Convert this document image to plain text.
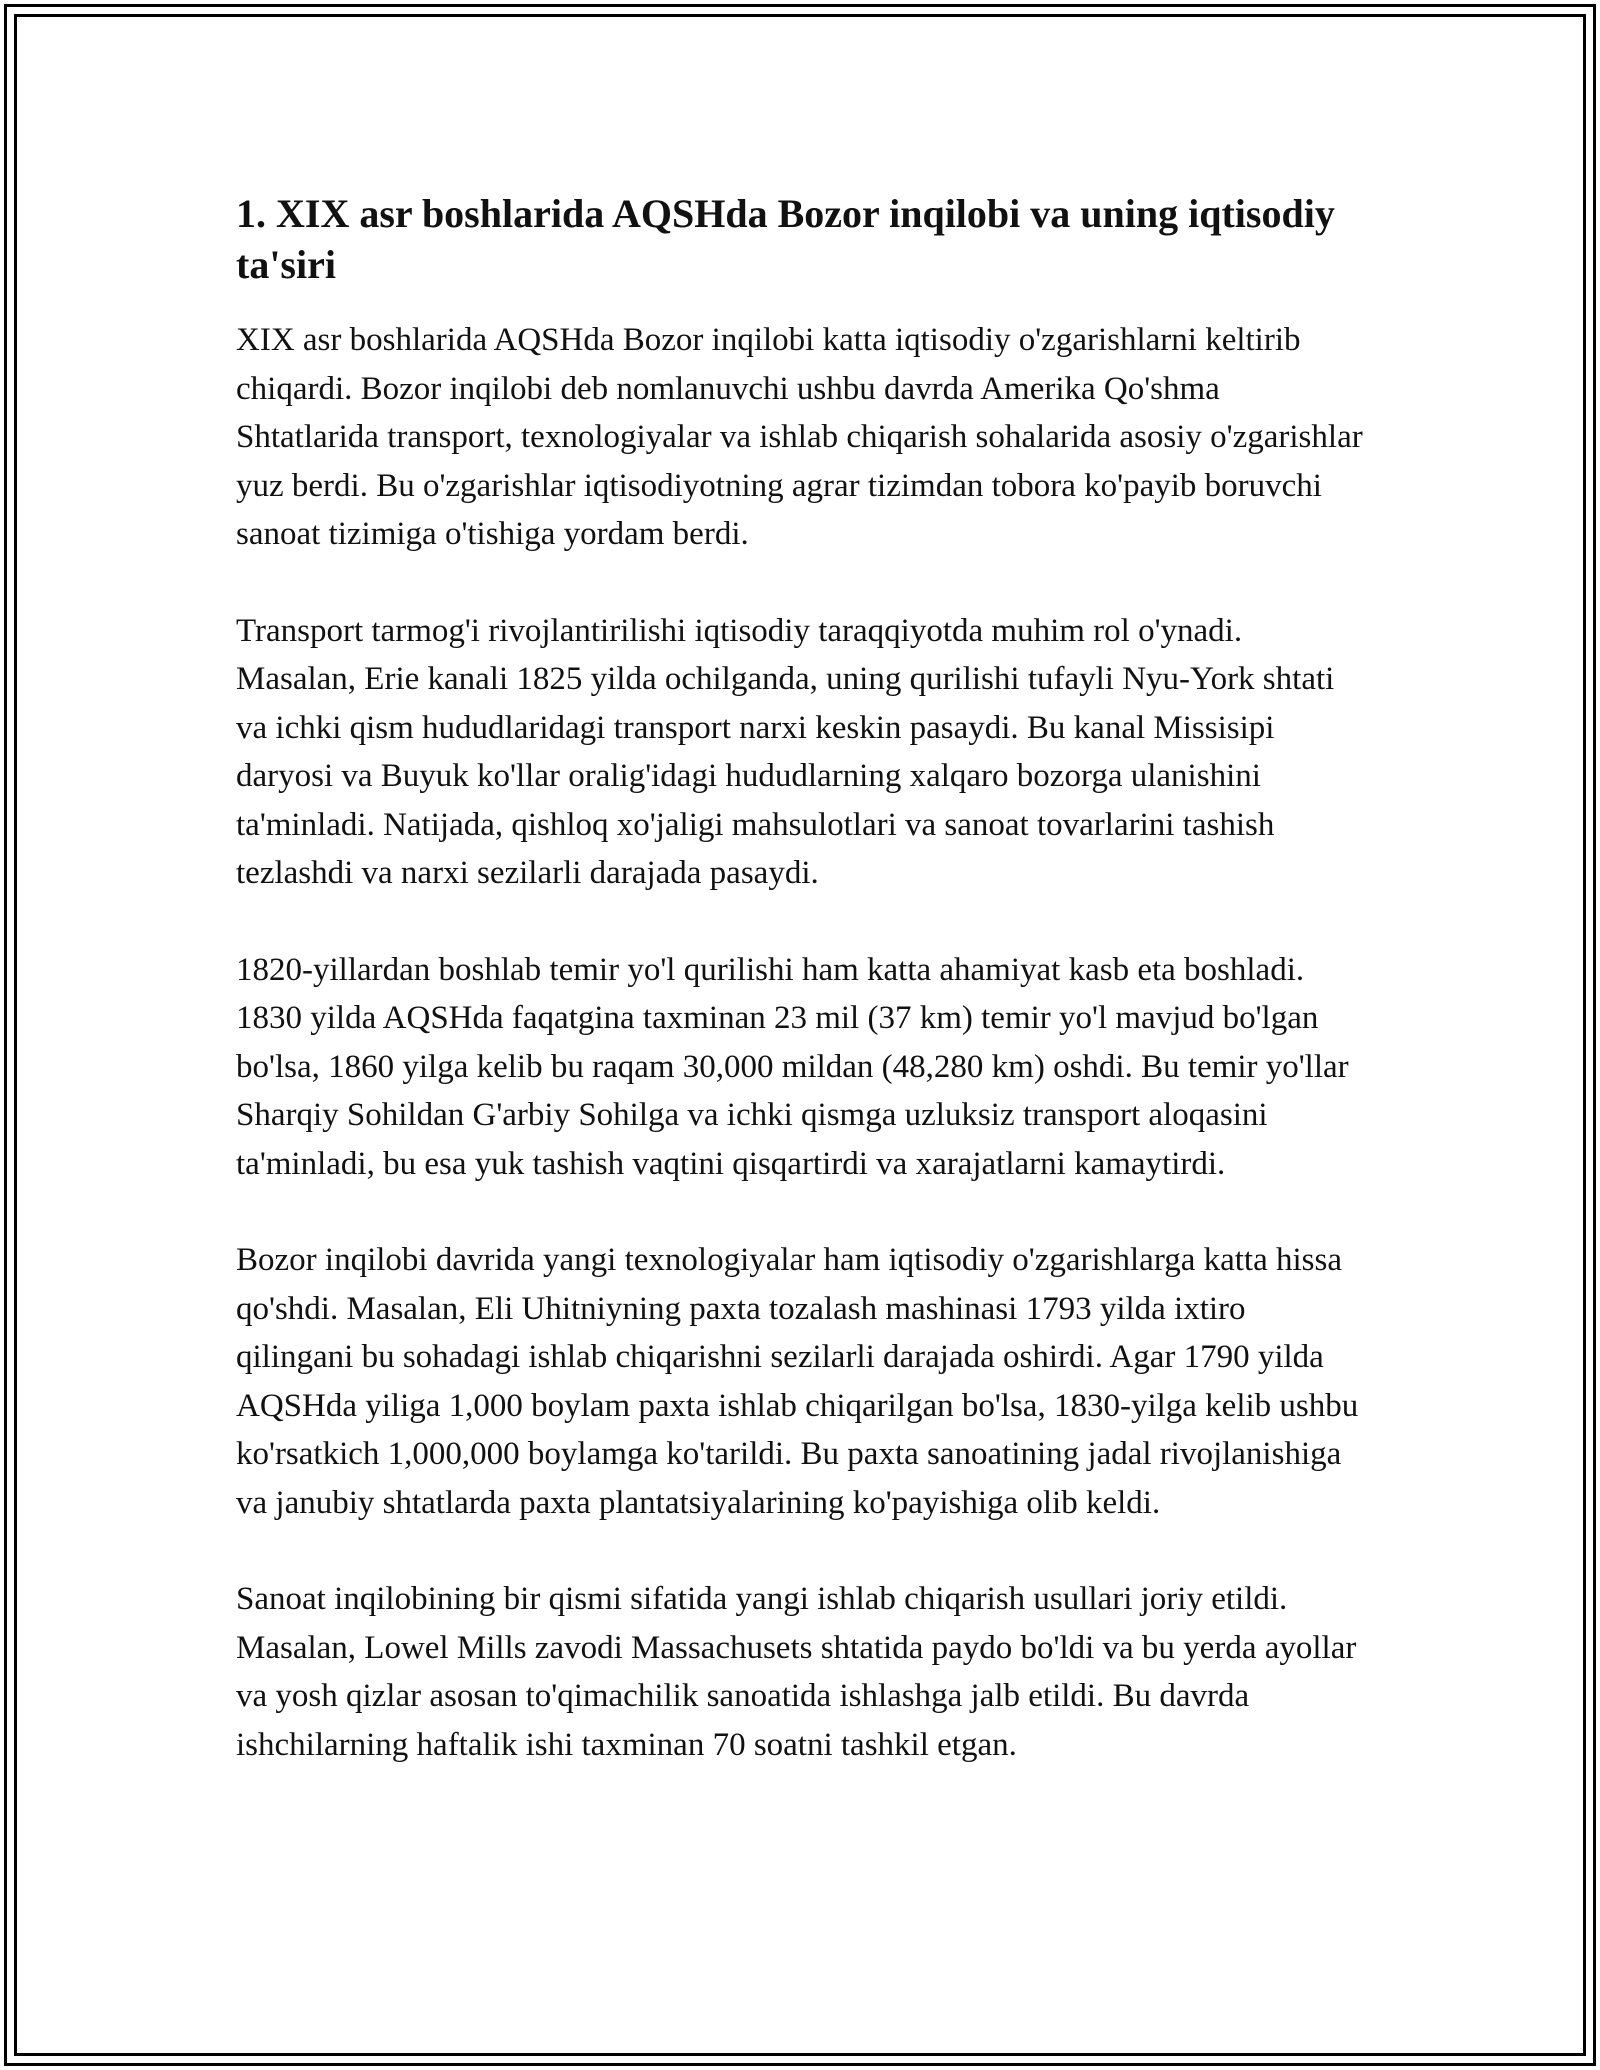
1. XIX asr boshlarida AQSHda Bozor inqilobi va uning iqtisodiy ta'siri

XIX asr boshlarida AQSHda Bozor inqilobi katta iqtisodiy o'zgarishlarni keltirib chiqardi. Bozor inqilobi deb nomlanuvchi ushbu davrda Amerika Qo'shma Shtatlarida transport, texnologiyalar va ishlab chiqarish sohalarida asosiy o'zgarishlar yuz berdi. Bu o'zgarishlar iqtisodiyotning agrar tizimdan tobora ko'payib boruvchi sanoat tizimiga o'tishiga yordam berdi.

Transport tarmog'i rivojlantirilishi iqtisodiy taraqqiyotda muhim rol o'ynadi. Masalan, Erie kanali 1825 yilda ochilganda, uning qurilishi tufayli Nyu-York shtati va ichki qism hududlaridagi transport narxi keskin pasaydi. Bu kanal Missisipi daryosi va Buyuk ko'llar oralig'idagi hududlarning xalqaro bozorga ulanishini ta'minladi. Natijada, qishloq xo'jaligi mahsulotlari va sanoat tovarlarini tashish tezlashdi va narxi sezilarli darajada pasaydi.

1820-yillardan boshlab temir yo'l qurilishi ham katta ahamiyat kasb eta boshladi. 1830 yilda AQSHda faqatgina taxminan 23 mil (37 km) temir yo'l mavjud bo'lgan bo'lsa, 1860 yilga kelib bu raqam 30,000 mildan (48,280 km) oshdi. Bu temir yo'llar Sharqiy Sohildan G'arbiy Sohilga va ichki qismga uzluksiz transport aloqasini ta'minladi, bu esa yuk tashish vaqtini qisqartirdi va xarajatlarni kamaytirdi.

Bozor inqilobi davrida yangi texnologiyalar ham iqtisodiy o'zgarishlarga katta hissa qo'shdi. Masalan, Eli Uhitniyning paxta tozalash mashinasi 1793 yilda ixtiro qilingani bu sohadagi ishlab chiqarishni sezilarli darajada oshirdi. Agar 1790 yilda AQSHda yiliga 1,000 boylam paxta ishlab chiqarilgan bo'lsa, 1830-yilga kelib ushbu ko'rsatkich 1,000,000 boylamga ko'tarildi. Bu paxta sanoatining jadal rivojlanishiga va janubiy shtatlarda paxta plantatsiyalarining ko'payishiga olib keldi.

Sanoat inqilobining bir qismi sifatida yangi ishlab chiqarish usullari joriy etildi. Masalan, Lowel Mills zavodi Massachusets shtatida paydo bo'ldi va bu yerda ayollar va yosh qizlar asosan to'qimachilik sanoatida ishlashga jalb etildi. Bu davrda ishchilarning haftalik ishi taxminan 70 soatni tashkil etgan.
